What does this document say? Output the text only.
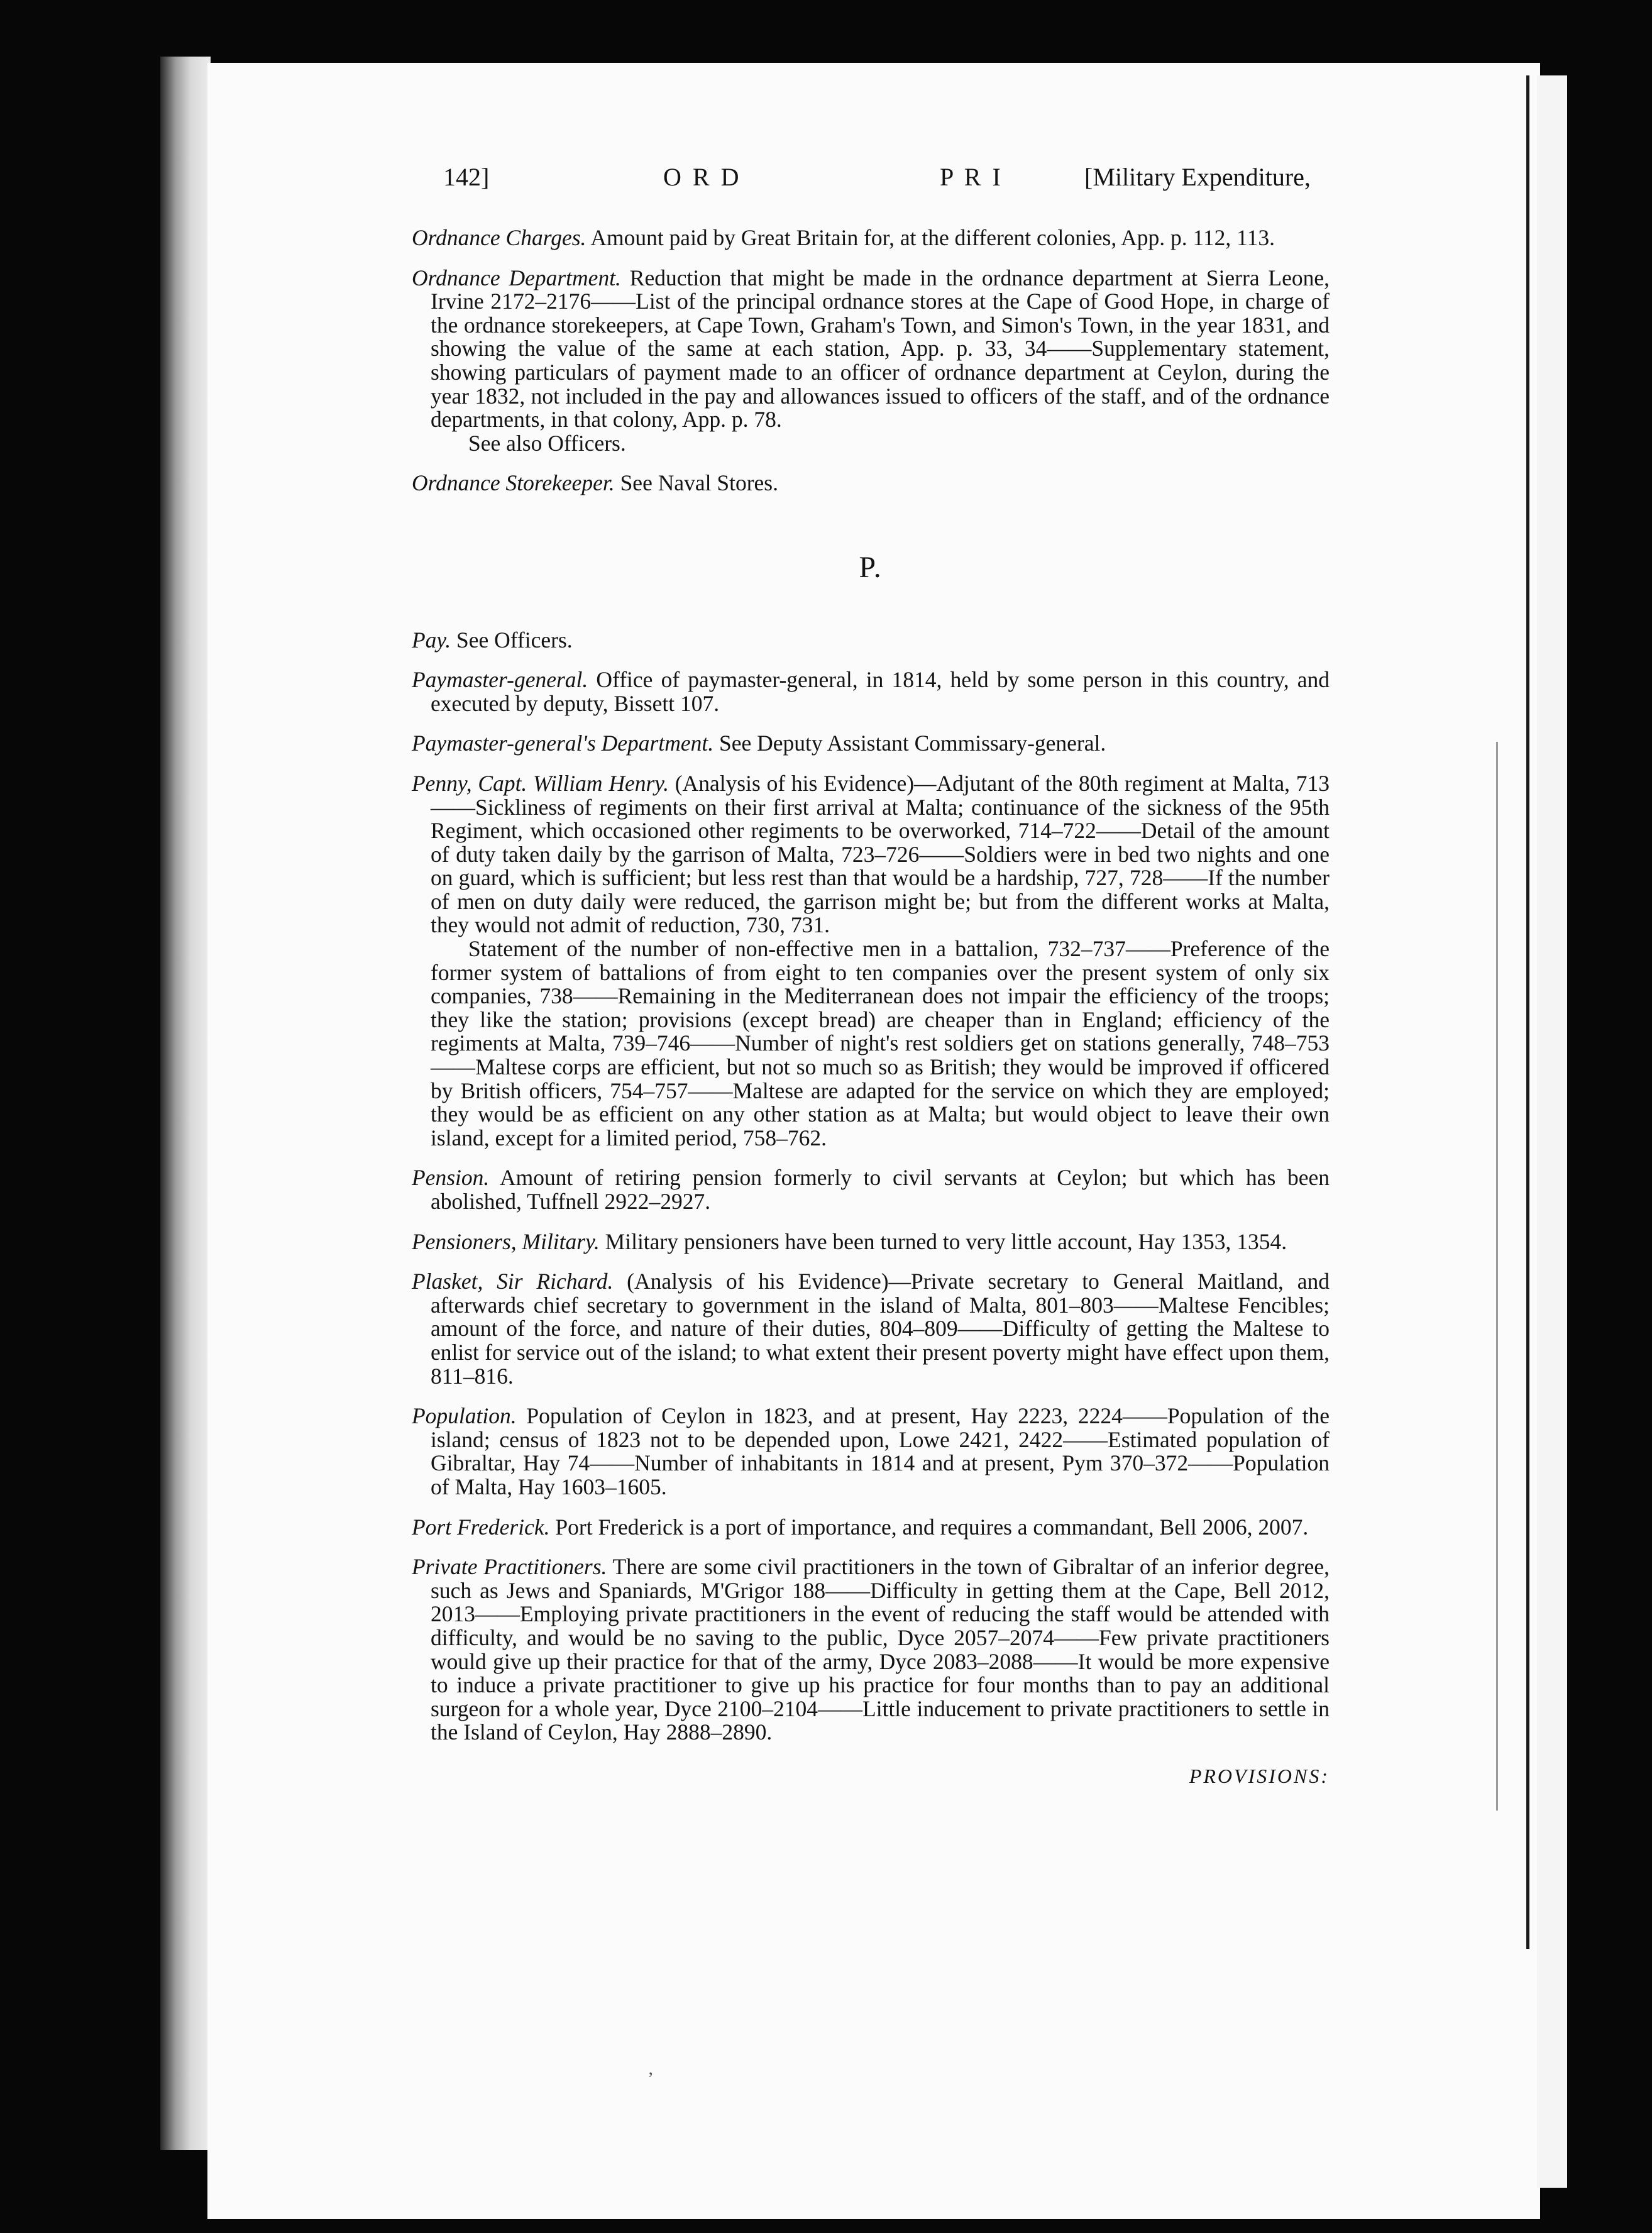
142]	O R D	P R I	[Military Expenditure,

Ordnance Charges. Amount paid by Great Britain for, at the different colonies, App. p. 112, 113.

Ordnance Department. Reduction that might be made in the ordnance department at Sierra Leone, Irvine 2172–2176——List of the principal ordnance stores at the Cape of Good Hope, in charge of the ordnance storekeepers, at Cape Town, Graham's Town, and Simon's Town, in the year 1831, and showing the value of the same at each station, App. p. 33, 34——Supplementary statement, showing particulars of payment made to an officer of ordnance department at Ceylon, during the year 1832, not included in the pay and allowances issued to officers of the staff, and of the ordnance departments, in that colony, App. p. 78.

See also Officers.

Ordnance Storekeeper. See Naval Stores.

P.

Pay. See Officers.

Paymaster-general. Office of paymaster-general, in 1814, held by some person in this country, and executed by deputy, Bissett 107.

Paymaster-general's Department. See Deputy Assistant Commissary-general.

Penny, Capt. William Henry. (Analysis of his Evidence)—Adjutant of the 80th regiment at Malta, 713——Sickliness of regiments on their first arrival at Malta; continuance of the sickness of the 95th Regiment, which occasioned other regiments to be overworked, 714–722——Detail of the amount of duty taken daily by the garrison of Malta, 723–726——Soldiers were in bed two nights and one on guard, which is sufficient; but less rest than that would be a hardship, 727, 728——If the number of men on duty daily were reduced, the garrison might be; but from the different works at Malta, they would not admit of reduction, 730, 731.

Statement of the number of non-effective men in a battalion, 732–737——Preference of the former system of battalions of from eight to ten companies over the present system of only six companies, 738——Remaining in the Mediterranean does not impair the efficiency of the troops; they like the station; provisions (except bread) are cheaper than in England; efficiency of the regiments at Malta, 739–746——Number of night's rest soldiers get on stations generally, 748–753——Maltese corps are efficient, but not so much so as British; they would be improved if officered by British officers, 754–757——Maltese are adapted for the service on which they are employed; they would be as efficient on any other station as at Malta; but would object to leave their own island, except for a limited period, 758–762.

Pension. Amount of retiring pension formerly to civil servants at Ceylon; but which has been abolished, Tuffnell 2922–2927.

Pensioners, Military. Military pensioners have been turned to very little account, Hay 1353, 1354.

Plasket, Sir Richard. (Analysis of his Evidence)—Private secretary to General Maitland, and afterwards chief secretary to government in the island of Malta, 801–803——Maltese Fencibles; amount of the force, and nature of their duties, 804–809——Difficulty of getting the Maltese to enlist for service out of the island; to what extent their present poverty might have effect upon them, 811–816.

Population. Population of Ceylon in 1823, and at present, Hay 2223, 2224——Population of the island; census of 1823 not to be depended upon, Lowe 2421, 2422——Estimated population of Gibraltar, Hay 74——Number of inhabitants in 1814 and at present, Pym 370–372——Population of Malta, Hay 1603–1605.

Port Frederick. Port Frederick is a port of importance, and requires a commandant, Bell 2006, 2007.

Private Practitioners. There are some civil practitioners in the town of Gibraltar of an inferior degree, such as Jews and Spaniards, M'Grigor 188——Difficulty in getting them at the Cape, Bell 2012, 2013——Employing private practitioners in the event of reducing the staff would be attended with difficulty, and would be no saving to the public, Dyce 2057–2074——Few private practitioners would give up their practice for that of the army, Dyce 2083–2088——It would be more expensive to induce a private practitioner to give up his practice for four months than to pay an additional surgeon for a whole year, Dyce 2100–2104——Little inducement to private practitioners to settle in the Island of Ceylon, Hay 2888–2890.

PROVISIONS:
’
